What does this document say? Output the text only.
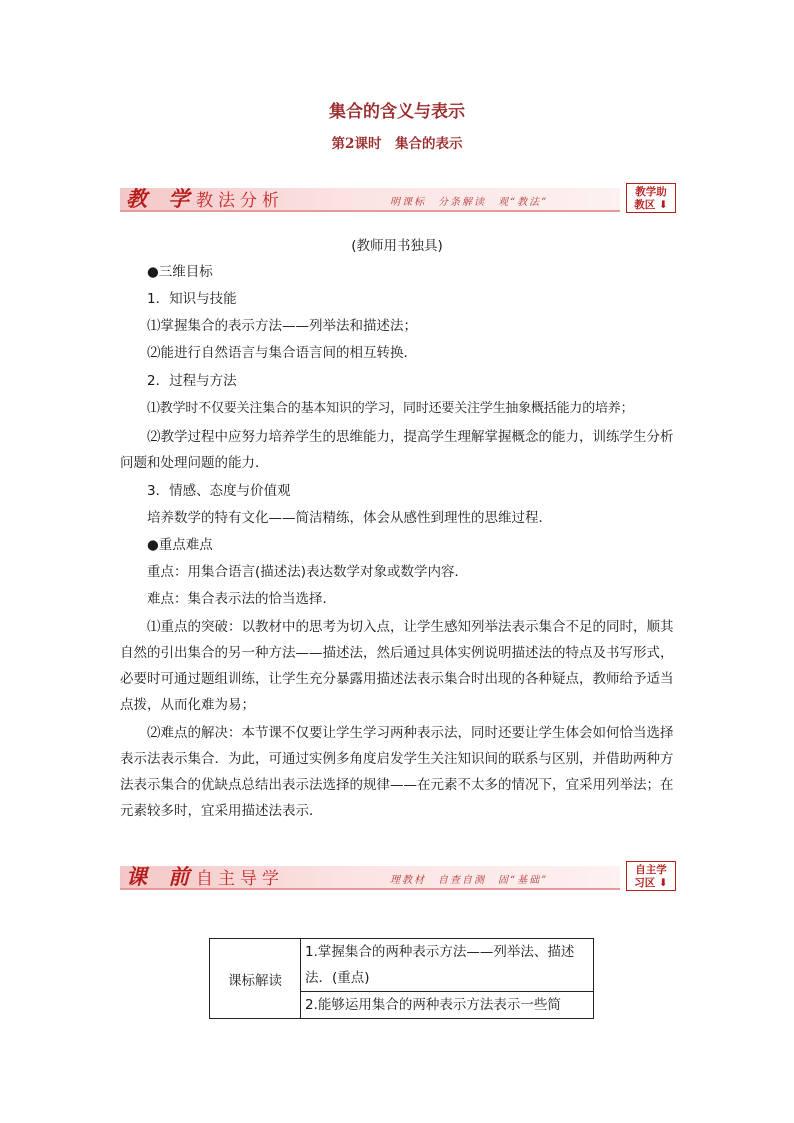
集合的含义与表示
第2课时　集合的表示
教 学 教法分析	明课标　分条解读　观“教法”
教学助
教区 ⬇
(教师用书独具)
●三维目标
1．知识与技能
⑴掌握集合的表示方法——列举法和描述法；
⑵能进行自然语言与集合语言间的相互转换．
2．过程与方法
⑴教学时不仅要关注集合的基本知识的学习，同时还要关注学生抽象概括能力的培养；
⑵教学过程中应努力培养学生的思维能力，提高学生理解掌握概念的能力，训练学生分析问题和处理问题的能力．
3．情感、态度与价值观
培养数学的特有文化——简洁精练，体会从感性到理性的思维过程．
●重点难点
重点：用集合语言(描述法)表达数学对象或数学内容．
难点：集合表示法的恰当选择．
⑴重点的突破：以教材中的思考为切入点，让学生感知列举法表示集合不足的同时，顺其自然的引出集合的另一种方法——描述法，然后通过具体实例说明描述法的特点及书写形式，必要时可通过题组训练，让学生充分暴露用描述法表示集合时出现的各种疑点，教师给予适当点拨，从而化难为易；
⑵难点的解决：本节课不仅要让学生学习两种表示法，同时还要让学生体会如何恰当选择表示法表示集合．为此，可通过实例多角度启发学生关注知识间的联系与区别，并借助两种方法表示集合的优缺点总结出表示法选择的规律——在元素不太多的情况下，宜采用列举法；在元素较多时，宜采用描述法表示．
课 前 自主导学	理教材　自查自测　固“基础”
自主学
习区 ⬇
课标解读	1.掌握集合的两种表示方法——列举法、描述法．(重点)
2.能够运用集合的两种表示方法表示一些简
